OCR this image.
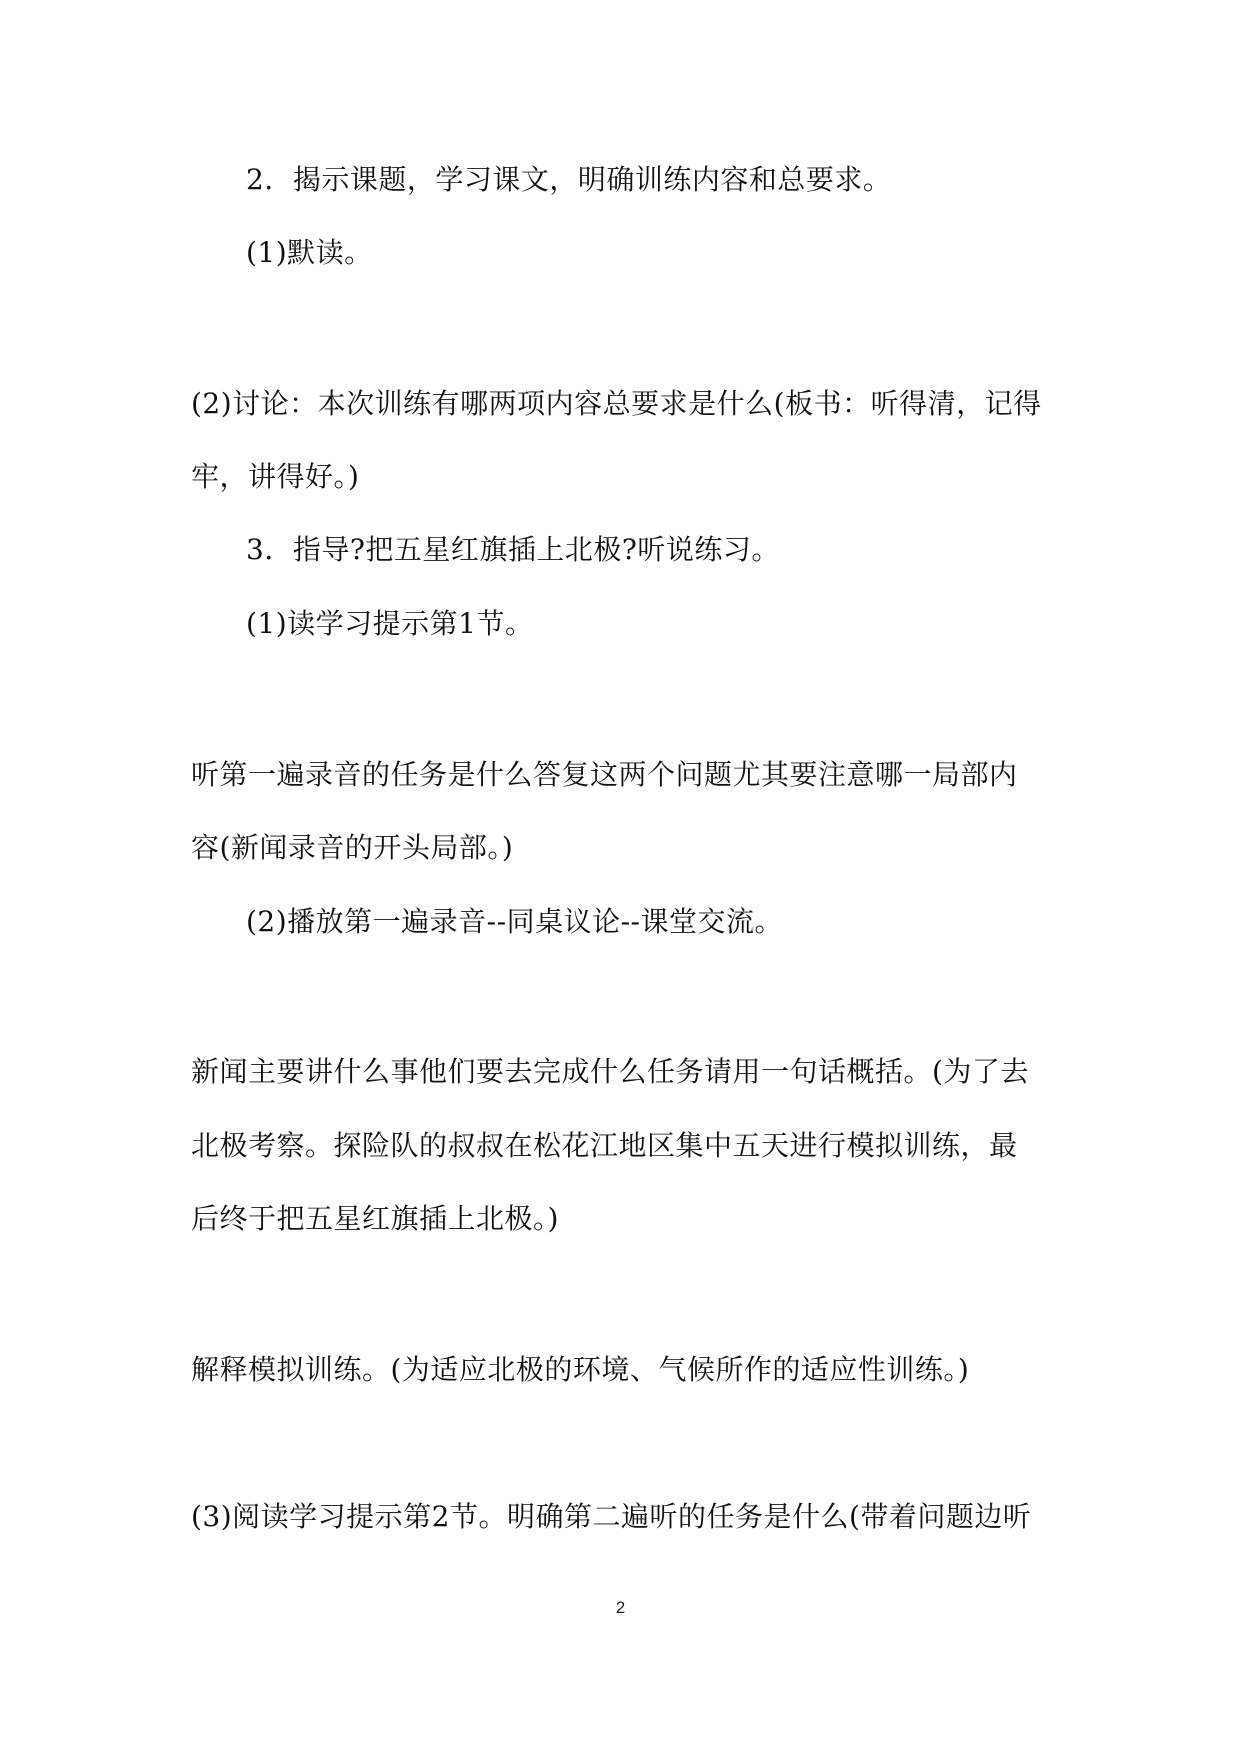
2．揭示课题，学习课文，明确训练内容和总要求。
(1)默读。
(2)讨论：本次训练有哪两项内容总要求是什么(板书：听得清，记得
牢，讲得好。)
3．指导?把五星红旗插上北极?听说练习。
(1)读学习提示第1节。
听第一遍录音的任务是什么答复这两个问题尤其要注意哪一局部内
容(新闻录音的开头局部。)
(2)播放第一遍录音--同桌议论--课堂交流。
新闻主要讲什么事他们要去完成什么任务请用一句话概括。(为了去
北极考察。探险队的叔叔在松花江地区集中五天进行模拟训练，最
后终于把五星红旗插上北极。)
解释模拟训练。(为适应北极的环境、气候所作的适应性训练。)
(3)阅读学习提示第2节。明确第二遍听的任务是什么(带着问题边听
2
